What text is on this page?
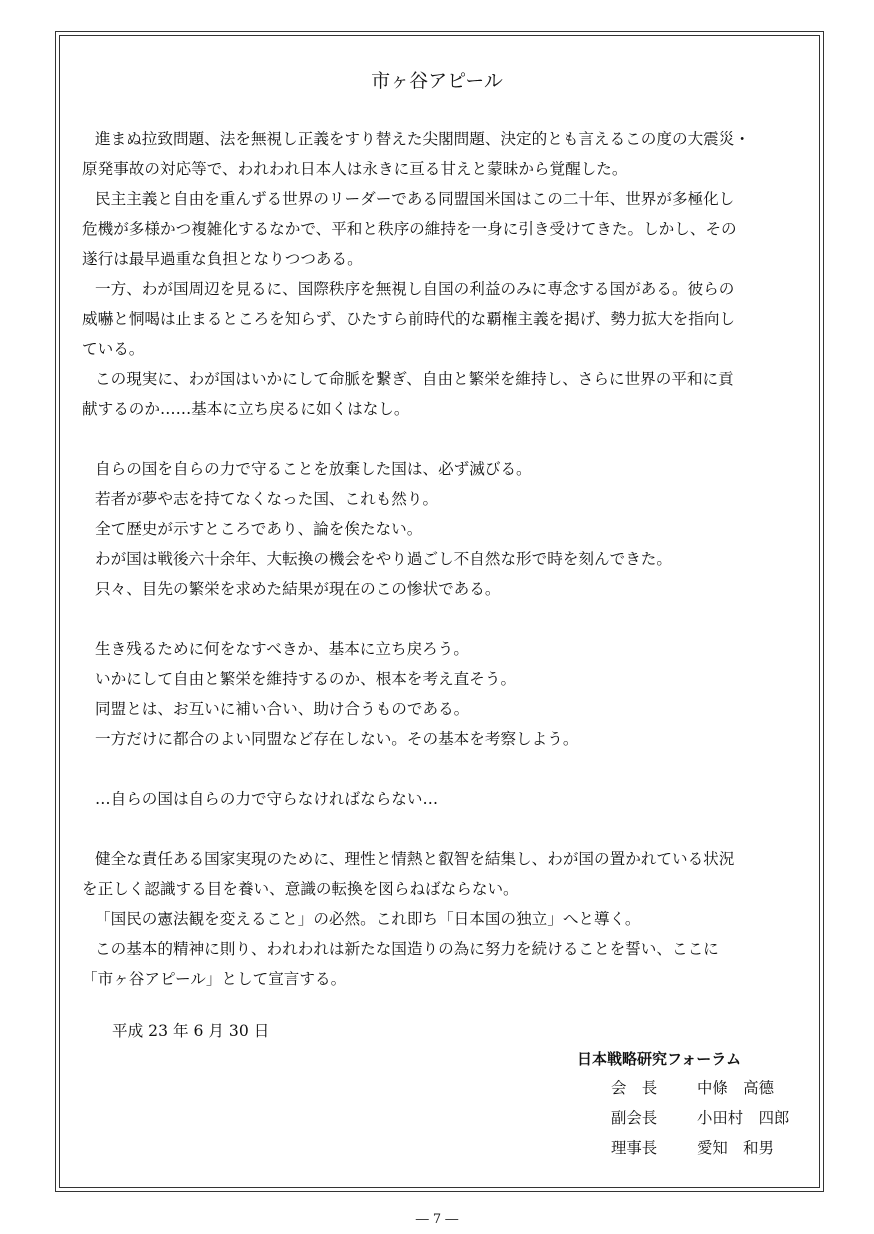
市ヶ谷アピール
進まぬ拉致問題、法を無視し正義をすり替えた尖閣問題、決定的とも言えるこの度の大震災・
原発事故の対応等で、われわれ日本人は永きに亘る甘えと蒙昧から覚醒した。
民主主義と自由を重んずる世界のリーダーである同盟国米国はこの二十年、世界が多極化し
危機が多様かつ複雑化するなかで、平和と秩序の維持を一身に引き受けてきた。しかし、その
遂行は最早過重な負担となりつつある。
一方、わが国周辺を見るに、国際秩序を無視し自国の利益のみに専念する国がある。彼らの
威嚇と恫喝は止まるところを知らず、ひたすら前時代的な覇権主義を掲げ、勢力拡大を指向し
ている。
この現実に、わが国はいかにして命脈を繋ぎ、自由と繁栄を維持し、さらに世界の平和に貢
献するのか……基本に立ち戻るに如くはなし。
自らの国を自らの力で守ることを放棄した国は、必ず滅びる。
若者が夢や志を持てなくなった国、これも然り。
全て歴史が示すところであり、論を俟たない。
わが国は戦後六十余年、大転換の機会をやり過ごし不自然な形で時を刻んできた。
只々、目先の繁栄を求めた結果が現在のこの惨状である。
生き残るために何をなすべきか、基本に立ち戻ろう。
いかにして自由と繁栄を維持するのか、根本を考え直そう。
同盟とは、お互いに補い合い、助け合うものである。
一方だけに都合のよい同盟など存在しない。その基本を考察しよう。
…自らの国は自らの力で守らなければならない…
健全な責任ある国家実現のために、理性と情熱と叡智を結集し、わが国の置かれている状況
を正しく認識する目を養い、意識の転換を図らねばならない。
「国民の憲法観を変えること」の必然。これ即ち「日本国の独立」へと導く。
この基本的精神に則り、われわれは新たな国造りの為に努力を続けることを誓い、ここに
「市ヶ谷アピール」として宣言する。
平成 23 年 6 月 30 日
日本戦略研究フォーラム
会　長	中條　高德
副会長	小田村　四郎
理事長	愛知　和男
― 7 ―
